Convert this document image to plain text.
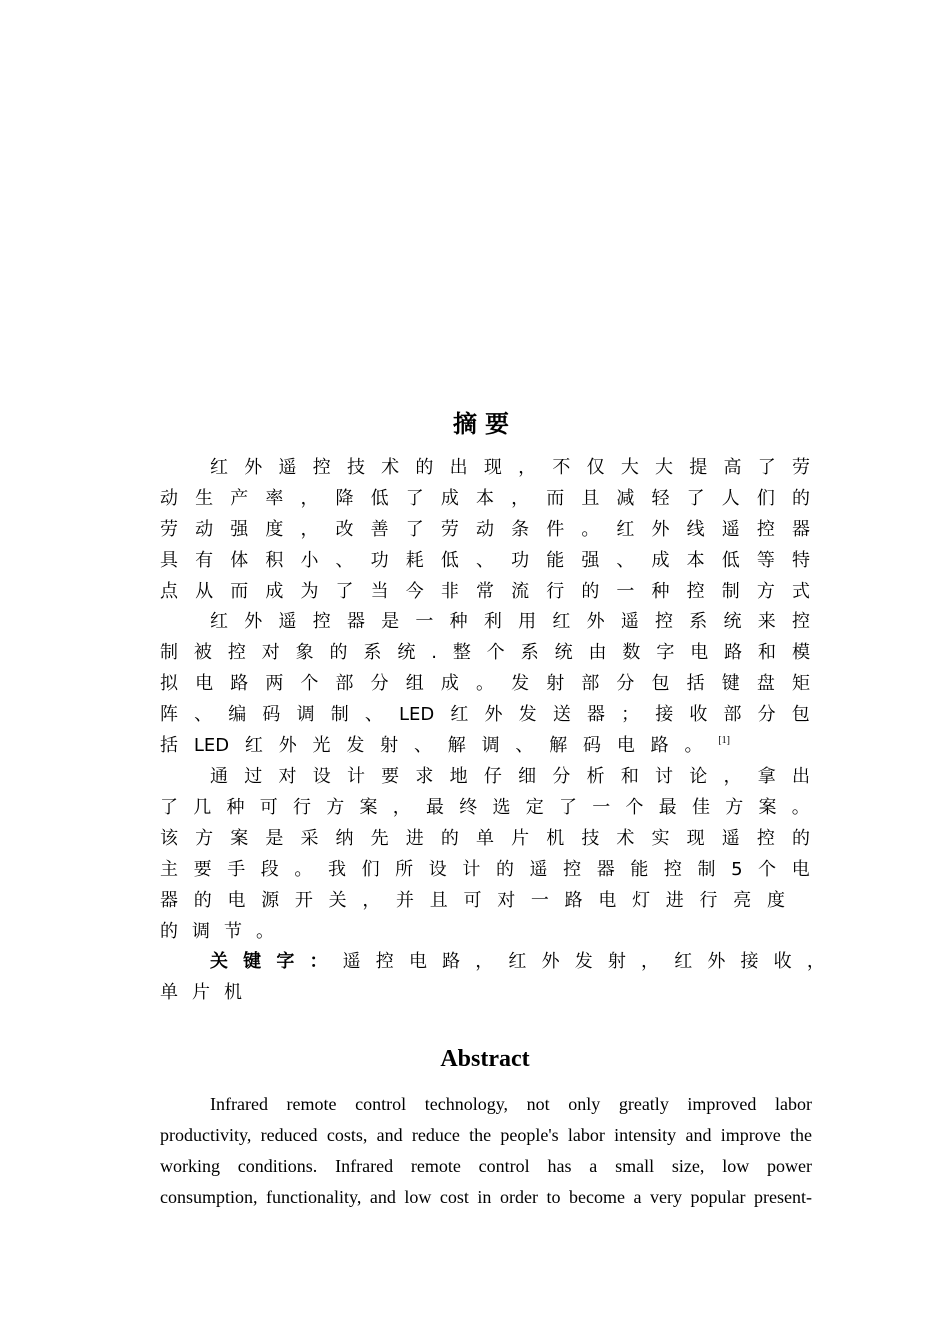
摘要
红 外 遥 控 技 术 的 出 现 ， 不 仅 大 大 提 高 了 劳
动 生 产 率 ， 降 低 了 成 本 ， 而 且 减 轻 了 人 们 的
劳 动 强 度 ， 改 善 了 劳 动 条 件 。 红 外 线 遥 控 器
具 有 体 积 小 、 功 耗 低 、 功 能 强 、 成 本 低 等 特
点 从 而 成 为 了 当 今 非 常 流 行 的 一 种 控 制 方 式
红 外 遥 控 器 是 一 种 利 用 红 外 遥 控 系 统 来 控
制 被 控 对 象 的 系 统 . 整 个 系 统 由 数 字 电 路 和 模
拟 电 路 两 个 部 分 组 成 。 发 射 部 分 包 括 键 盘 矩
阵 、 编 码 调 制 、 LED 红 外 发 送 器 ； 接 收 部 分 包
括 LED 红 外 光 发 射 、 解 调 、 解 码 电 路 。 [1]
通 过 对 设 计 要 求 地 仔 细 分 析 和 讨 论 ， 拿 出
了 几 种 可 行 方 案 ， 最 终 选 定 了 一 个 最 佳 方 案 。
该 方 案 是 采 纳 先 进 的 单 片 机 技 术 实 现 遥 控 的
主 要 手 段 。 我 们 所 设 计 的 遥 控 器 能 控 制 5 个 电
器 的 电 源 开 关 ， 并 且 可 对 一 路 电 灯 进 行 亮 度
的 调 节 。
关 键 字 ： 遥 控 电 路 ， 红 外 发 射 ， 红 外 接 收 ，
单 片 机
Abstract
Infrared remote control technology, not only greatly improved labor
productivity, reduced costs, and reduce the people's labor intensity and improve the
working conditions. Infrared remote control has a small size, low power
consumption, functionality, and low cost in order to become a very popular present-
